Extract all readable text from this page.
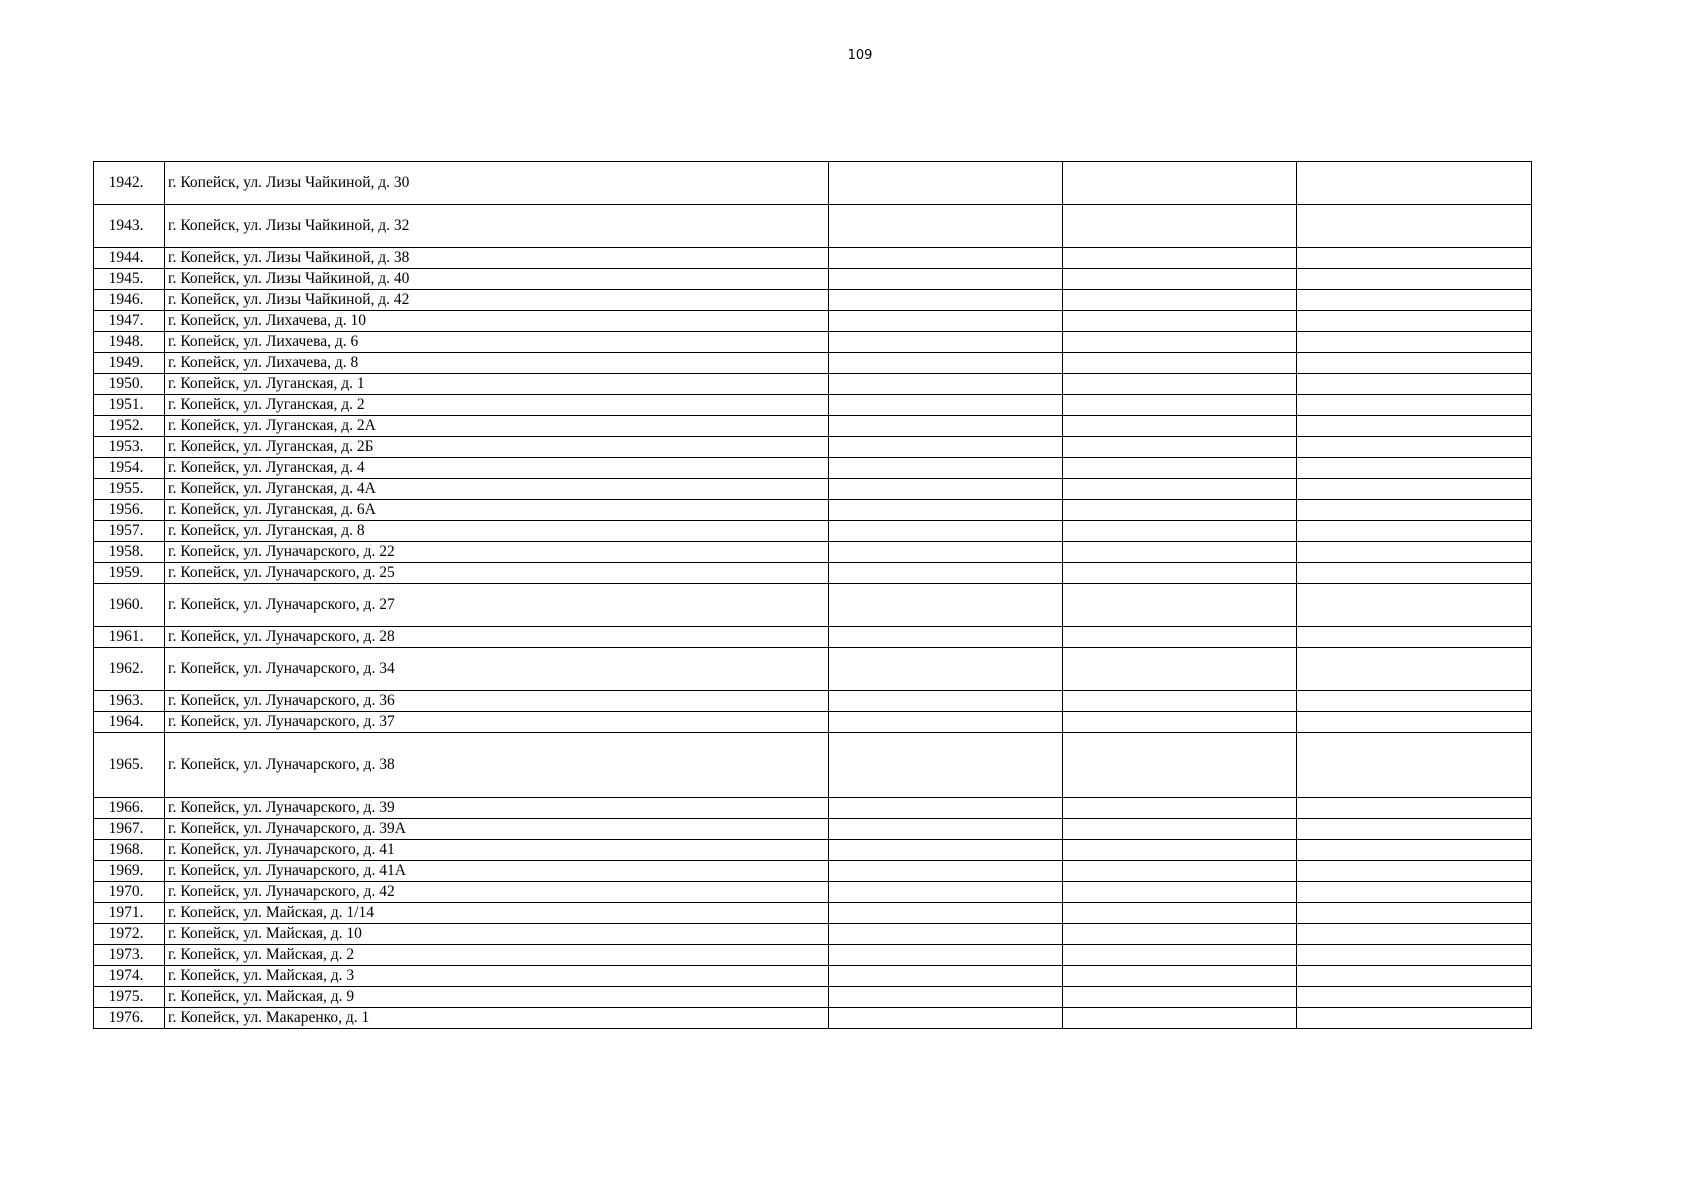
109
1942.	г. Копейск, ул. Лизы Чайкиной, д. 30			
1943.	г. Копейск, ул. Лизы Чайкиной, д. 32			
1944.	г. Копейск, ул. Лизы Чайкиной, д. 38			
1945.	г. Копейск, ул. Лизы Чайкиной, д. 40			
1946.	г. Копейск, ул. Лизы Чайкиной, д. 42			
1947.	г. Копейск, ул. Лихачева, д. 10			
1948.	г. Копейск, ул. Лихачева, д. 6			
1949.	г. Копейск, ул. Лихачева, д. 8			
1950.	г. Копейск, ул. Луганская, д. 1			
1951.	г. Копейск, ул. Луганская, д. 2			
1952.	г. Копейск, ул. Луганская, д. 2А			
1953.	г. Копейск, ул. Луганская, д. 2Б			
1954.	г. Копейск, ул. Луганская, д. 4			
1955.	г. Копейск, ул. Луганская, д. 4А			
1956.	г. Копейск, ул. Луганская, д. 6А			
1957.	г. Копейск, ул. Луганская, д. 8			
1958.	г. Копейск, ул. Луначарского, д. 22			
1959.	г. Копейск, ул. Луначарского, д. 25			
1960.	г. Копейск, ул. Луначарского, д. 27			
1961.	г. Копейск, ул. Луначарского, д. 28			
1962.	г. Копейск, ул. Луначарского, д. 34			
1963.	г. Копейск, ул. Луначарского, д. 36			
1964.	г. Копейск, ул. Луначарского, д. 37			
1965.	г. Копейск, ул. Луначарского, д. 38			
1966.	г. Копейск, ул. Луначарского, д. 39			
1967.	г. Копейск, ул. Луначарского, д. 39А			
1968.	г. Копейск, ул. Луначарского, д. 41			
1969.	г. Копейск, ул. Луначарского, д. 41А			
1970.	г. Копейск, ул. Луначарского, д. 42			
1971.	г. Копейск, ул. Майская, д. 1/14			
1972.	г. Копейск, ул. Майская, д. 10			
1973.	г. Копейск, ул. Майская, д. 2			
1974.	г. Копейск, ул. Майская, д. 3			
1975.	г. Копейск, ул. Майская, д. 9			
1976.	г. Копейск, ул. Макаренко, д. 1			
